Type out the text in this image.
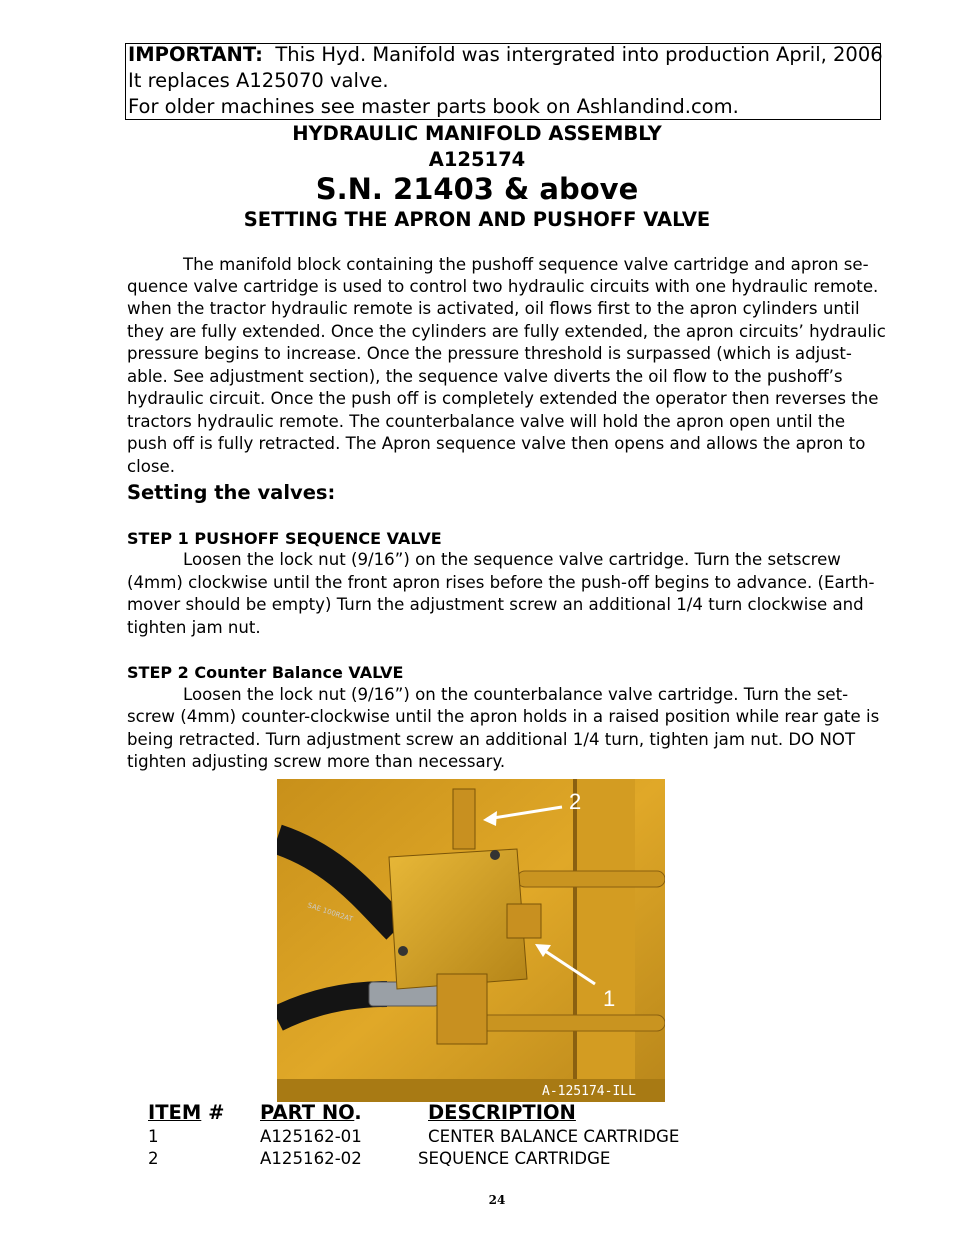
IMPORTANT: This Hyd. Manifold was intergrated into production April, 2006
It replaces A125070 valve.
For older machines see master parts book on Ashlandind.com.
HYDRAULIC MANIFOLD ASSEMBLY
A125174
S.N. 21403 & above
SETTING THE APRON AND PUSHOFF VALVE
The manifold block containing the pushoff sequence valve cartridge and apron se-
quence valve cartridge is used to control two hydraulic circuits with one hydraulic remote.
when the tractor hydraulic remote is activated, oil flows first to the apron cylinders until
they are fully extended. Once the cylinders are fully extended, the apron circuits’ hydraulic
pressure begins to increase. Once the pressure threshold is surpassed (which is adjust-
able. See adjustment section), the sequence valve diverts the oil flow to the pushoff’s
hydraulic circuit. Once the push off is completely extended the operator then reverses the
tractors hydraulic remote. The counterbalance valve will hold the apron open until the
push off is fully retracted. The Apron sequence valve then opens and allows the apron to
close.
Setting the valves:
STEP 1 PUSHOFF SEQUENCE VALVE
Loosen the lock nut (9/16”) on the sequence valve cartridge. Turn the setscrew
(4mm) clockwise until the front apron rises before the push-off begins to advance. (Earth-
mover should be empty) Turn the adjustment screw an additional 1/4 turn clockwise and
tighten jam nut.
STEP 2 Counter Balance VALVE
Loosen the lock nut (9/16”) on the counterbalance valve cartridge. Turn the set-
screw (4mm) counter-clockwise until the apron holds in a raised position while rear gate is
being retracted. Turn adjustment screw an additional 1/4 turn, tighten jam nut. DO NOT
tighten adjusting screw more than necessary.
2
1
A-125174-ILL
SAE 100R2AT
ITEM # PART NO.	DESCRIPTION
1	A125162-01	CENTER BALANCE CARTRIDGE
2	A125162-02	SEQUENCE CARTRIDGE
24
